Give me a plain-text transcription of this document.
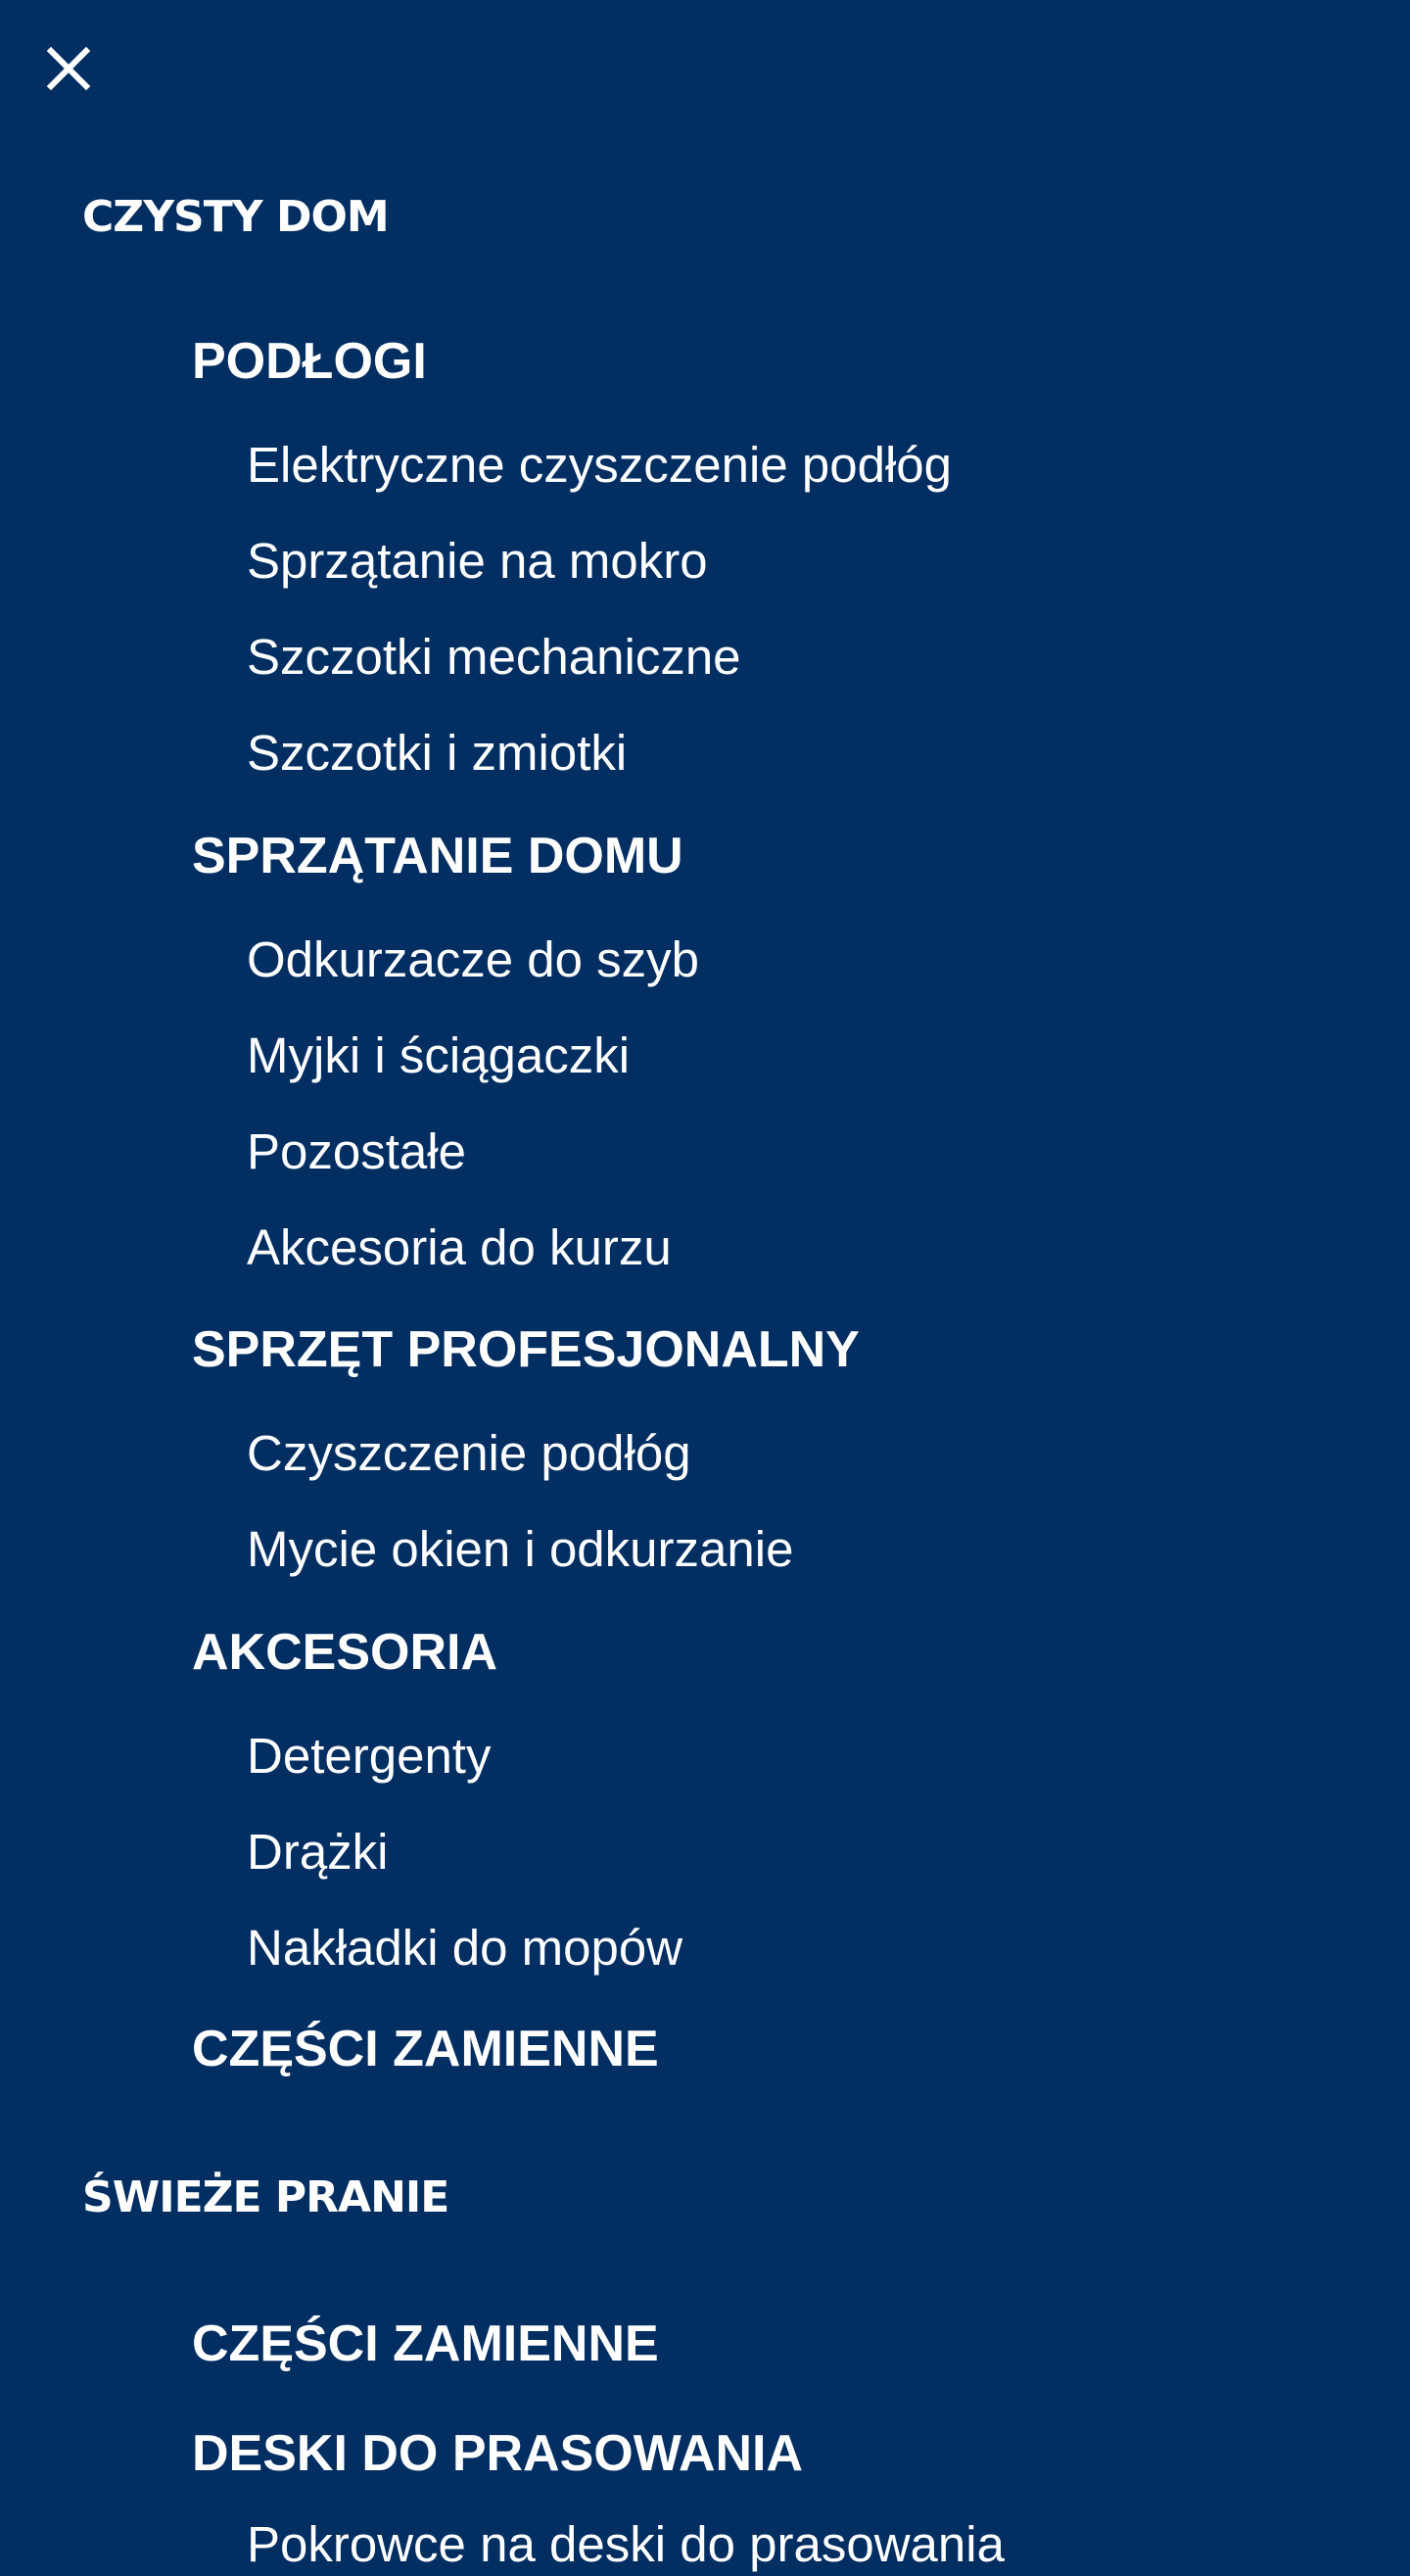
CZYSTY DOM
PODŁOGI
Elektryczne czyszczenie podłóg
Sprzątanie na mokro
Szczotki mechaniczne
Szczotki i zmiotki
SPRZĄTANIE DOMU
Odkurzacze do szyb
Myjki i ściągaczki
Pozostałe
Akcesoria do kurzu
SPRZĘT PROFESJONALNY
Czyszczenie podłóg
Mycie okien i odkurzanie
AKCESORIA
Detergenty
Drążki
Nakładki do mopów
CZĘŚCI ZAMIENNE
ŚWIEŻE PRANIE
CZĘŚCI ZAMIENNE
DESKI DO PRASOWANIA
Pokrowce na deski do prasowania
